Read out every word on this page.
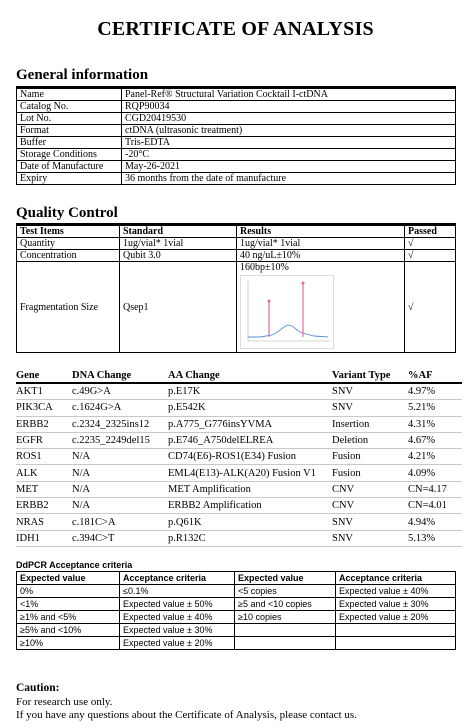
CERTIFICATE OF ANALYSIS
General information
Name	Panel-Ref® Structural Variation Cocktail I-ctDNA
Catalog No.	RQP90034
Lot No.	CGD20419530
Format	ctDNA (ultrasonic treatment)
Buffer	Tris-EDTA
Storage Conditions	-20°C
Date of Manufacture	May-26-2021
Expiry	36 months from the date of manufacture
Quality Control
Test Items	Standard	Results	Passed
Quantity	1ug/vial* 1vial	1ug/vial* 1vial	√
Concentration	Qubit 3.0	40 ng/uL±10%	√
Fragmentation Size	Qsep1	160bp±10%	√
Gene	DNA Change	AA Change	Variant Type	%AF
AKT1	c.49G>A	p.E17K	SNV	4.97%
PIK3CA	c.1624G>A	p.E542K	SNV	5.21%
ERBB2	c.2324_2325ins12	p.A775_G776insYVMA	Insertion	4.31%
EGFR	c.2235_2249del15	p.E746_A750delELREA	Deletion	4.67%
ROS1	N/A	CD74(E6)-ROS1(E34) Fusion	Fusion	4.21%
ALK	N/A	EML4(E13)-ALK(A20) Fusion V1	Fusion	4.09%
MET	N/A	MET Amplification	CNV	CN=4.17
ERBB2	N/A	ERBB2 Amplification	CNV	CN=4.01
NRAS	c.181C>A	p.Q61K	SNV	4.94%
IDH1	c.394C>T	p.R132C	SNV	5.13%
DdPCR Acceptance criteria
Expected value	Acceptance criteria	Expected value	Acceptance criteria
0%	≤0.1%	<5 copies	Expected value ± 40%
<1%	Expected value ± 50%	≥5 and <10 copies	Expected value ± 30%
≥1% and <5%	Expected value ± 40%	≥10 copies	Expected value ± 20%
≥5% and <10%	Expected value ± 30%		
≥10%	Expected value ± 20%		
Caution:
For research use only.
If you have any questions about the Certificate of Analysis, please contact us.
